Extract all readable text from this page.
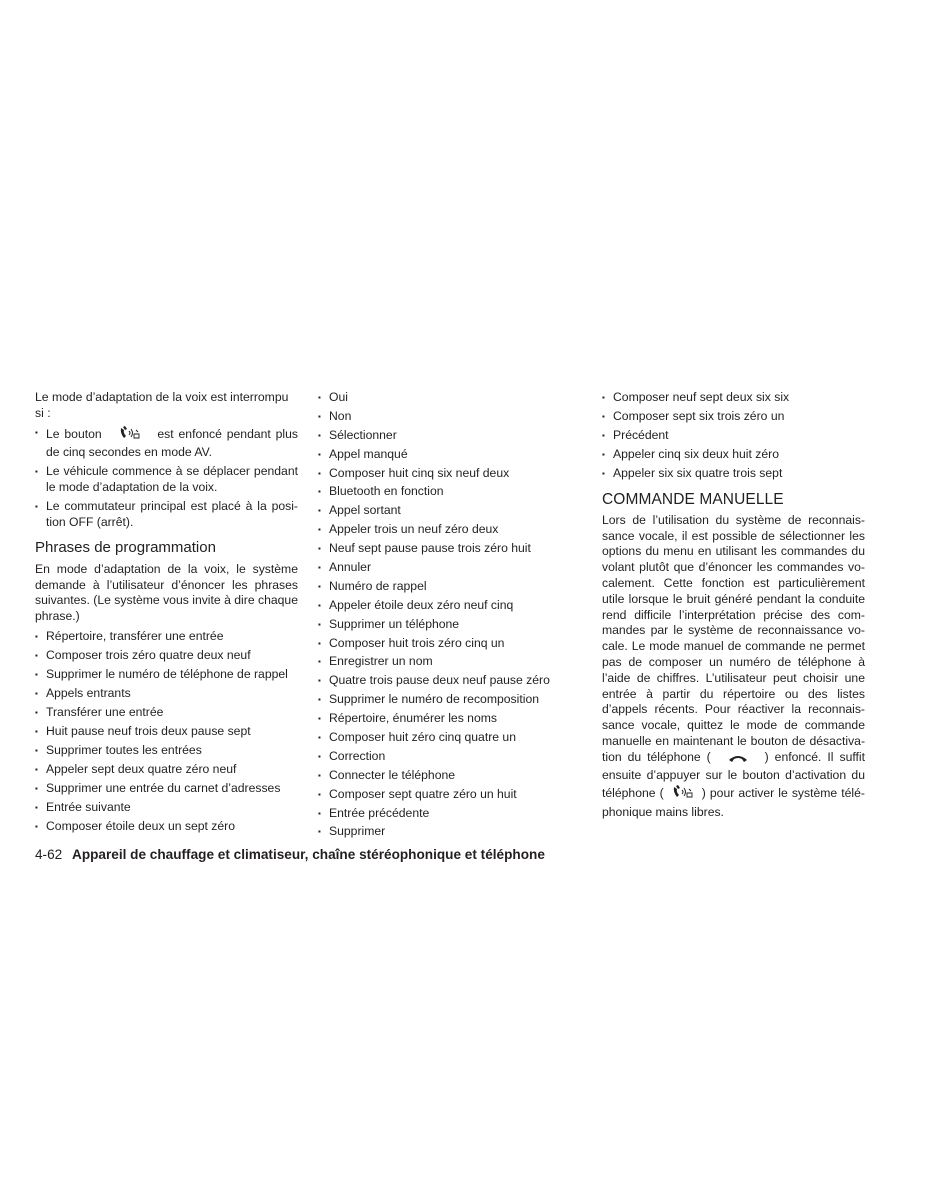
Le mode d’adaptation de la voix est interrompu si :

▪ Le bouton	est enfoncé pendant plus de cinq secondes en mode AV.
▪ Le véhicule commence à se déplacer pendant le mode d’adaptation de la voix.
▪ Le commutateur principal est placé à la posi-tion OFF (arrêt).
Phrases de programmation

En mode d’adaptation de la voix, le système demande à l’utilisateur d’énoncer les phrases suivantes. (Le système vous invite à dire chaque phrase.)

▪ Répertoire, transférer une entrée
▪ Composer trois zéro quatre deux neuf
▪ Supprimer le numéro de téléphone de rappel
▪ Appels entrants
▪ Transférer une entrée
▪ Huit pause neuf trois deux pause sept
▪ Supprimer toutes les entrées
▪ Appeler sept deux quatre zéro neuf
▪ Supprimer une entrée du carnet d’adresses
▪ Entrée suivante
▪ Composer étoile deux un sept zéro
▪ Oui
▪ Non
▪ Sélectionner
▪ Appel manqué
▪ Composer huit cinq six neuf deux
▪ Bluetooth en fonction
▪ Appel sortant
▪ Appeler trois un neuf zéro deux
▪ Neuf sept pause pause trois zéro huit
▪ Annuler
▪ Numéro de rappel
▪ Appeler étoile deux zéro neuf cinq
▪ Supprimer un téléphone
▪ Composer huit trois zéro cinq un
▪ Enregistrer un nom
▪ Quatre trois pause deux neuf pause zéro
▪ Supprimer le numéro de recomposition
▪ Répertoire, énumérer les noms
▪ Composer huit zéro cinq quatre un
▪ Correction
▪ Connecter le téléphone
▪ Composer sept quatre zéro un huit
▪ Entrée précédente
▪ Supprimer
▪ Composer neuf sept deux six six
▪ Composer sept six trois zéro un
▪ Précédent
▪ Appeler cinq six deux huit zéro
▪ Appeler six six quatre trois sept
COMMANDE MANUELLE

Lors de l’utilisation du système de reconnais-sance vocale, il est possible de sélectionner les options du menu en utilisant les commandes du volant plutôt que d’énoncer les commandes vo-calement. Cette fonction est particulièrement utile lorsque le bruit généré pendant la conduite rend difficile l’interprétation précise des com-mandes par le système de reconnaissance vo-cale. Le mode manuel de commande ne permet pas de composer un numéro de téléphone à l’aide de chiffres. L’utilisateur peut choisir une entrée à partir du répertoire ou des listes d’appels récents. Pour réactiver la reconnais-sance vocale, quittez le mode de commande manuelle en maintenant le bouton de désactiva-tion du téléphone (	) enfoncé. Il suffit ensuite d’appuyer sur le bouton d’activation du téléphone (	) pour activer le système télé-phonique mains libres.

4-62 Appareil de chauffage et climatiseur, chaîne stéréophonique et téléphone
